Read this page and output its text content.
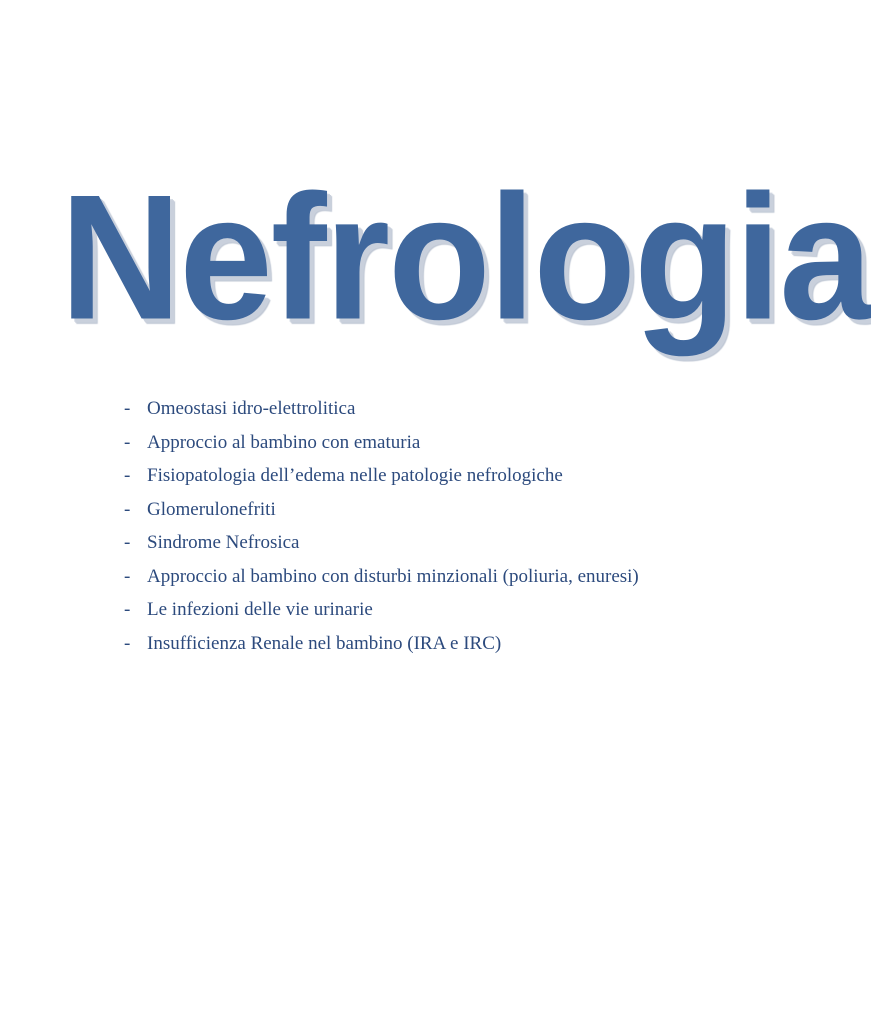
Nefrologia
- Omeostasi idro-elettrolitica
- Approccio al bambino con ematuria
- Fisiopatologia dell’edema nelle patologie nefrologiche
- Glomerulonefriti
- Sindrome Nefrosica
- Approccio al bambino con disturbi minzionali (poliuria, enuresi)
- Le infezioni delle vie urinarie
- Insufficienza Renale nel bambino (IRA e IRC)
